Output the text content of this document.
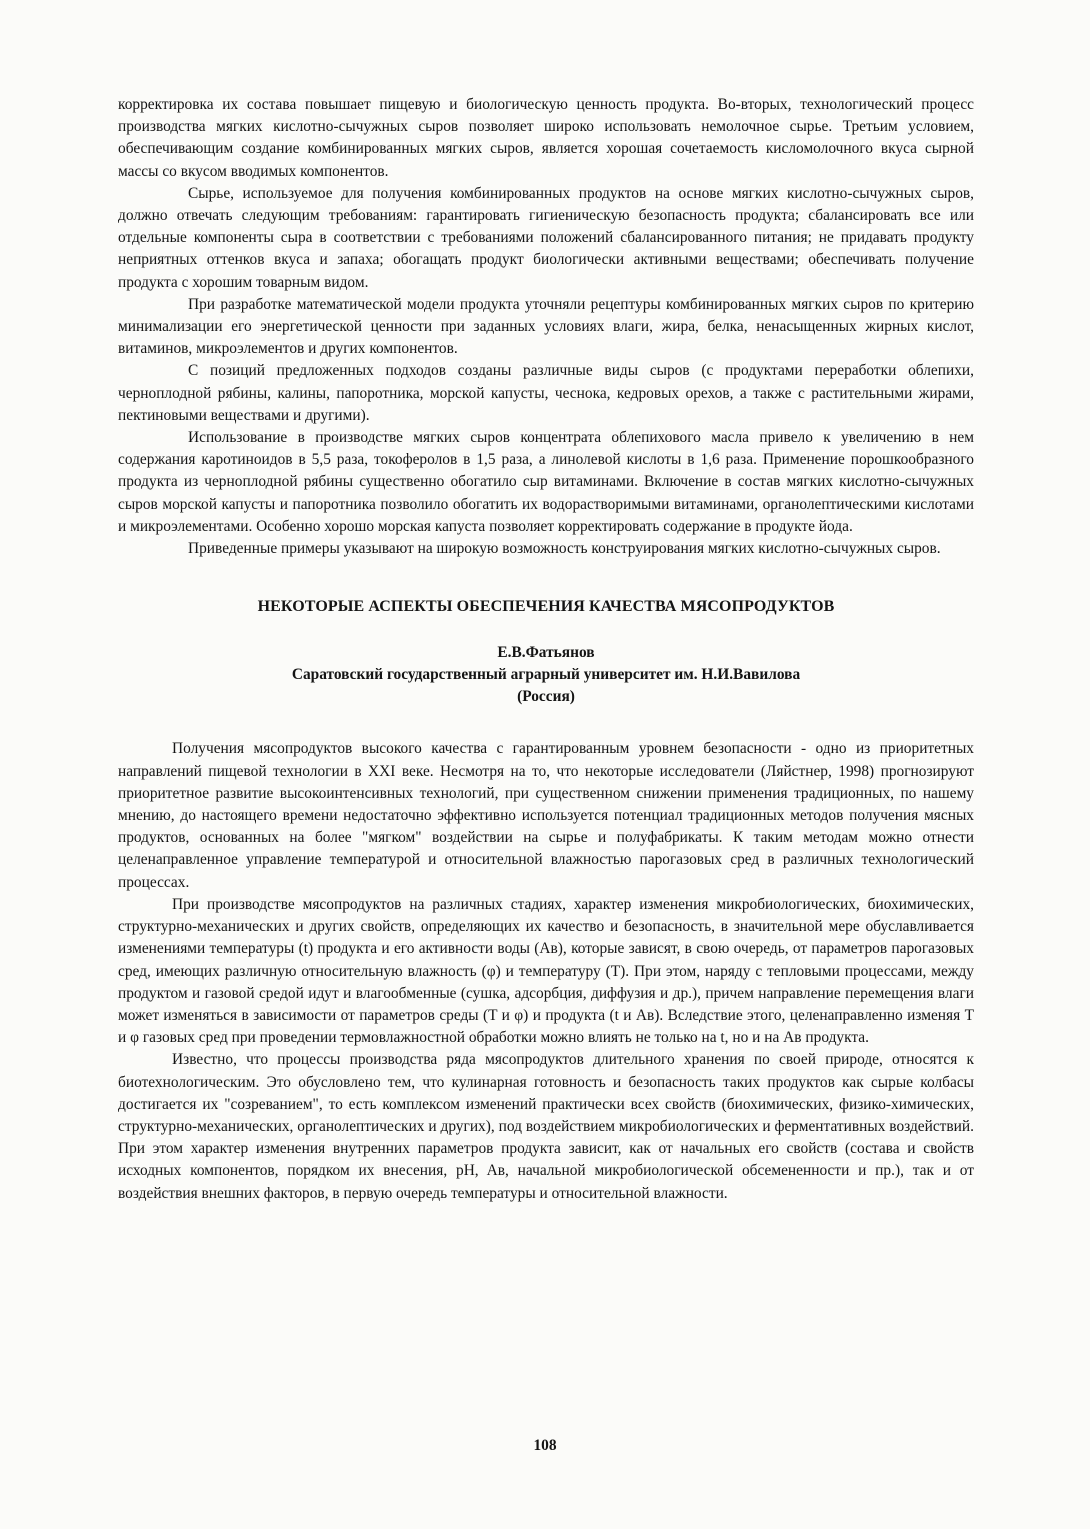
корректировка их состава повышает пищевую и биологическую ценность продукта. Во-вторых, технологический процесс производства мягких кислотно-сычужных сыров позволяет широко использовать немолочное сырье. Третьим условием, обеспечивающим создание комбинированных мягких сыров, является хорошая сочетаемость кисломолочного вкуса сырной массы со вкусом вводимых компонентов.

Сырье, используемое для получения комбинированных продуктов на основе мягких кислотно-сычужных сыров, должно отвечать следующим требованиям: гарантировать гигиеническую безопасность продукта; сбалансировать все или отдельные компоненты сыра в соответствии с требованиями положений сбалансированного питания; не придавать продукту неприятных оттенков вкуса и запаха; обогащать продукт биологически активными веществами; обеспечивать получение продукта с хорошим товарным видом.

При разработке математической модели продукта уточняли рецептуры комбинированных мягких сыров по критерию минимализации его энергетической ценности при заданных условиях влаги, жира, белка, ненасыщенных жирных кислот, витаминов, микроэлементов и других компонентов.

С позиций предложенных подходов созданы различные виды сыров (с продуктами переработки облепихи, черноплодной рябины, калины, папоротника, морской капусты, чеснока, кедровых орехов, а также с растительными жирами, пектиновыми веществами и другими).

Использование в производстве мягких сыров концентрата облепихового масла привело к увеличению в нем содержания каротиноидов в 5,5 раза, токоферолов в 1,5 раза, а линолевой кислоты в 1,6 раза. Применение порошкообразного продукта из черноплодной рябины существенно обогатило сыр витаминами. Включение в состав мягких кислотно-сычужных сыров морской капусты и папоротника позволило обогатить их водорастворимыми витаминами, органолептическими кислотами и микроэлементами. Особенно хорошо морская капуста позволяет корректировать содержание в продукте йода.

Приведенные примеры указывают на широкую возможность конструирования мягких кислотно-сычужных сыров.

НЕКОТОРЫЕ АСПЕКТЫ ОБЕСПЕЧЕНИЯ КАЧЕСТВА МЯСОПРОДУКТОВ

Е.В.Фатьянов

Саратовский государственный аграрный университет им. Н.И.Вавилова

(Россия)

Получения мясопродуктов высокого качества с гарантированным уровнем безопасности - одно из приоритетных направлений пищевой технологии в XXI веке. Несмотря на то, что некоторые исследователи (Ляйстнер, 1998) прогнозируют приоритетное развитие высокоинтенсивных технологий, при существенном снижении применения традиционных, по нашему мнению, до настоящего времени недостаточно эффективно используется потенциал традиционных методов получения мясных продуктов, основанных на более "мягком" воздействии на сырье и полуфабрикаты. К таким методам можно отнести целенаправленное управление температурой и относительной влажностью парогазовых сред в различных технологический процессах.

При производстве мясопродуктов на различных стадиях, характер изменения микробиологических, биохимических, структурно-механических и других свойств, определяющих их качество и безопасность, в значительной мере обуславливается изменениями температуры (t) продукта и его активности воды (Aв), которые зависят, в свою очередь, от параметров парогазовых сред, имеющих различную относительную влажность (φ) и температуру (T). При этом, наряду с тепловыми процессами, между продуктом и газовой средой идут и влагообменные (сушка, адсорбция, диффузия и др.), причем направление перемещения влаги может изменяться в зависимости от параметров среды (T и φ) и продукта (t и Aв). Вследствие этого, целенаправленно изменяя T и φ газовых сред при проведении термовлажностной обработки можно влиять не только на t, но и на Aв продукта.

Известно, что процессы производства ряда мясопродуктов длительного хранения по своей природе, относятся к биотехнологическим. Это обусловлено тем, что кулинарная готовность и безопасность таких продуктов как сырые колбасы достигается их "созреванием", то есть комплексом изменений практически всех свойств (биохимических, физико-химических, структурно-механических, органолептических и других), под воздействием микробиологических и ферментативных воздействий. При этом характер изменения внутренних параметров продукта зависит, как от начальных его свойств (состава и свойств исходных компонентов, порядком их внесения, pH, Aв, начальной микробиологической обсемененности и пр.), так и от воздействия внешних факторов, в первую очередь температуры и относительной влажности.

108
